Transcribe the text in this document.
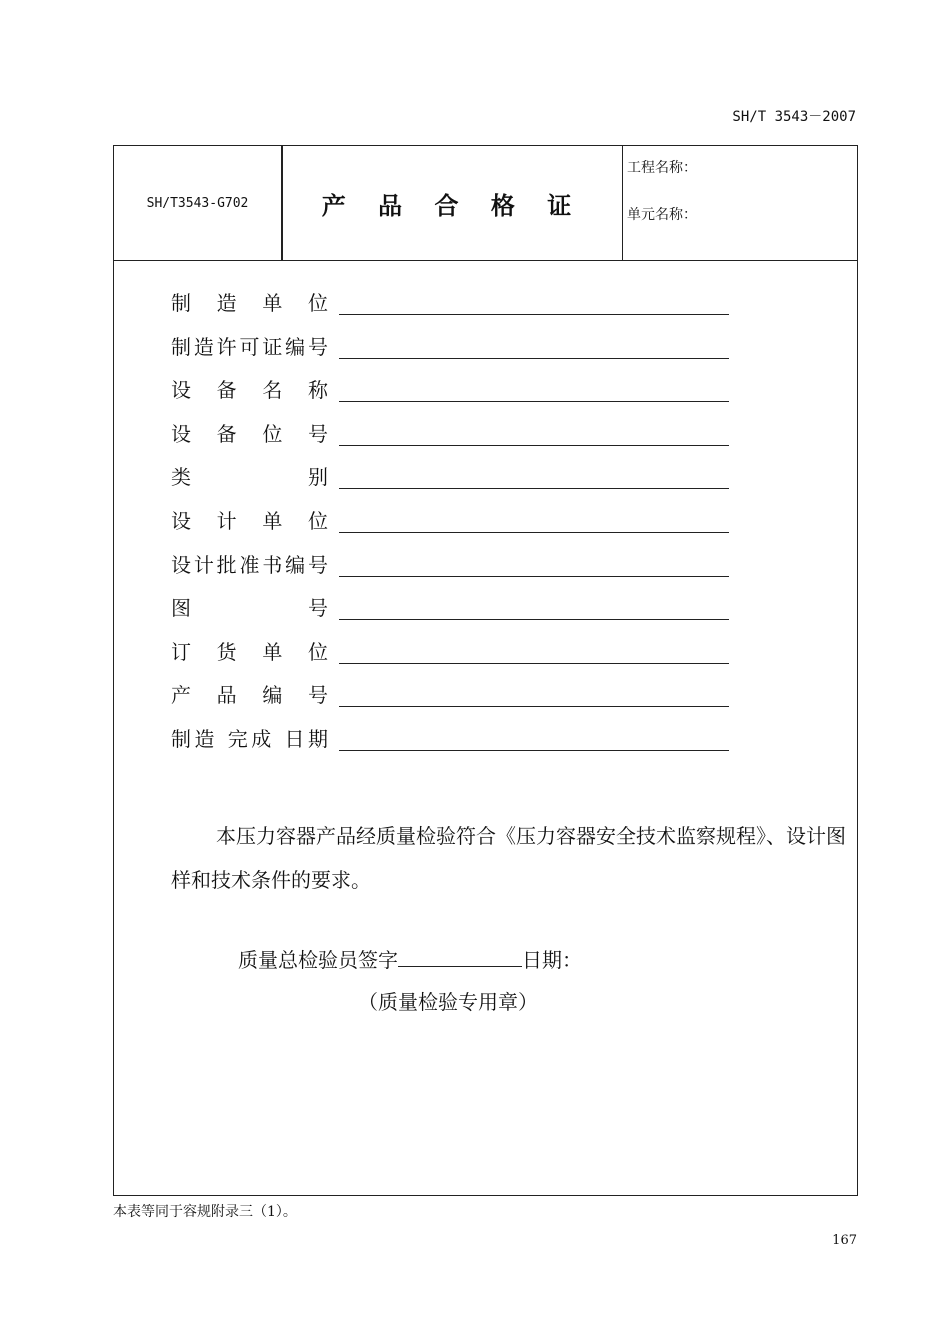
SH/T 3543－2007
SH/T3543-G702	产 品 合 格 证
工程名称：
单元名称：
制 造 单 位
制造许可证编号
设 备 名 称
设 备 位 号
类 别
设 计 单 位
设计批准书编号
图 号
订 货 单 位
产 品 编 号
制造 完成 日期
本压力容器产品经质量检验符合《压力容器安全技术监察规程》、设计图样和技术条件的要求。
质量总检验员签字	日期：
（质量检验专用章）
本表等同于容规附录三（1）。
167
